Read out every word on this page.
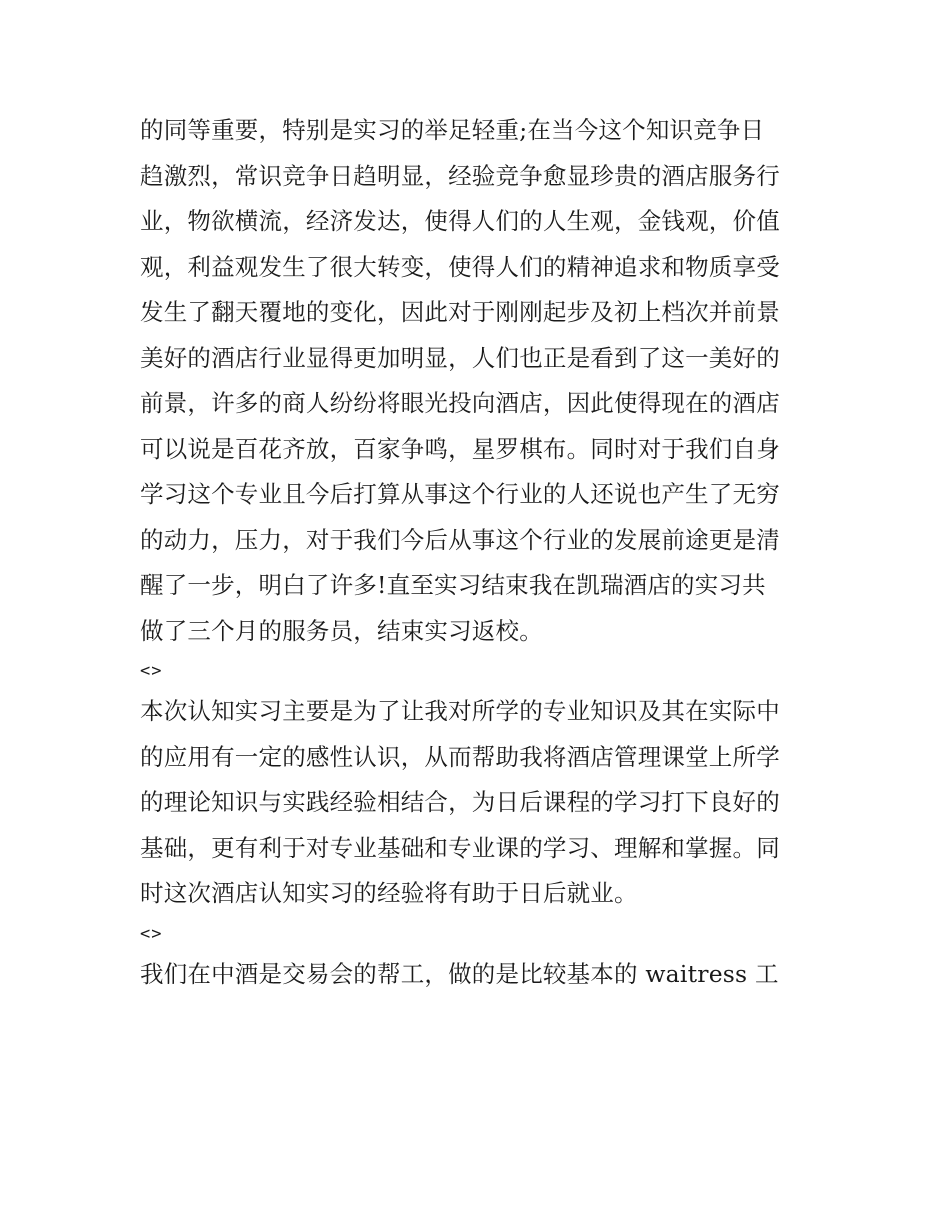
的同等重要，特别是实习的举足轻重;在当今这个知识竞争日
趋激烈，常识竞争日趋明显，经验竞争愈显珍贵的酒店服务行
业，物欲横流，经济发达，使得人们的人生观，金钱观，价值
观，利益观发生了很大转变，使得人们的精神追求和物质享受
发生了翻天覆地的变化，因此对于刚刚起步及初上档次并前景
美好的酒店行业显得更加明显，人们也正是看到了这一美好的
前景，许多的商人纷纷将眼光投向酒店，因此使得现在的酒店
可以说是百花齐放，百家争鸣，星罗棋布。同时对于我们自身
学习这个专业且今后打算从事这个行业的人还说也产生了无穷
的动力，压力，对于我们今后从事这个行业的发展前途更是清
醒了一步，明白了许多!直至实习结束我在凯瑞酒店的实习共
做了三个月的服务员，结束实习返校。
<>
本次认知实习主要是为了让我对所学的专业知识及其在实际中
的应用有一定的感性认识，从而帮助我将酒店管理课堂上所学
的理论知识与实践经验相结合，为日后课程的学习打下良好的
基础，更有利于对专业基础和专业课的学习、理解和掌握。同
时这次酒店认知实习的经验将有助于日后就业。
<>
我们在中酒是交易会的帮工，做的是比较基本的 waitress 工
